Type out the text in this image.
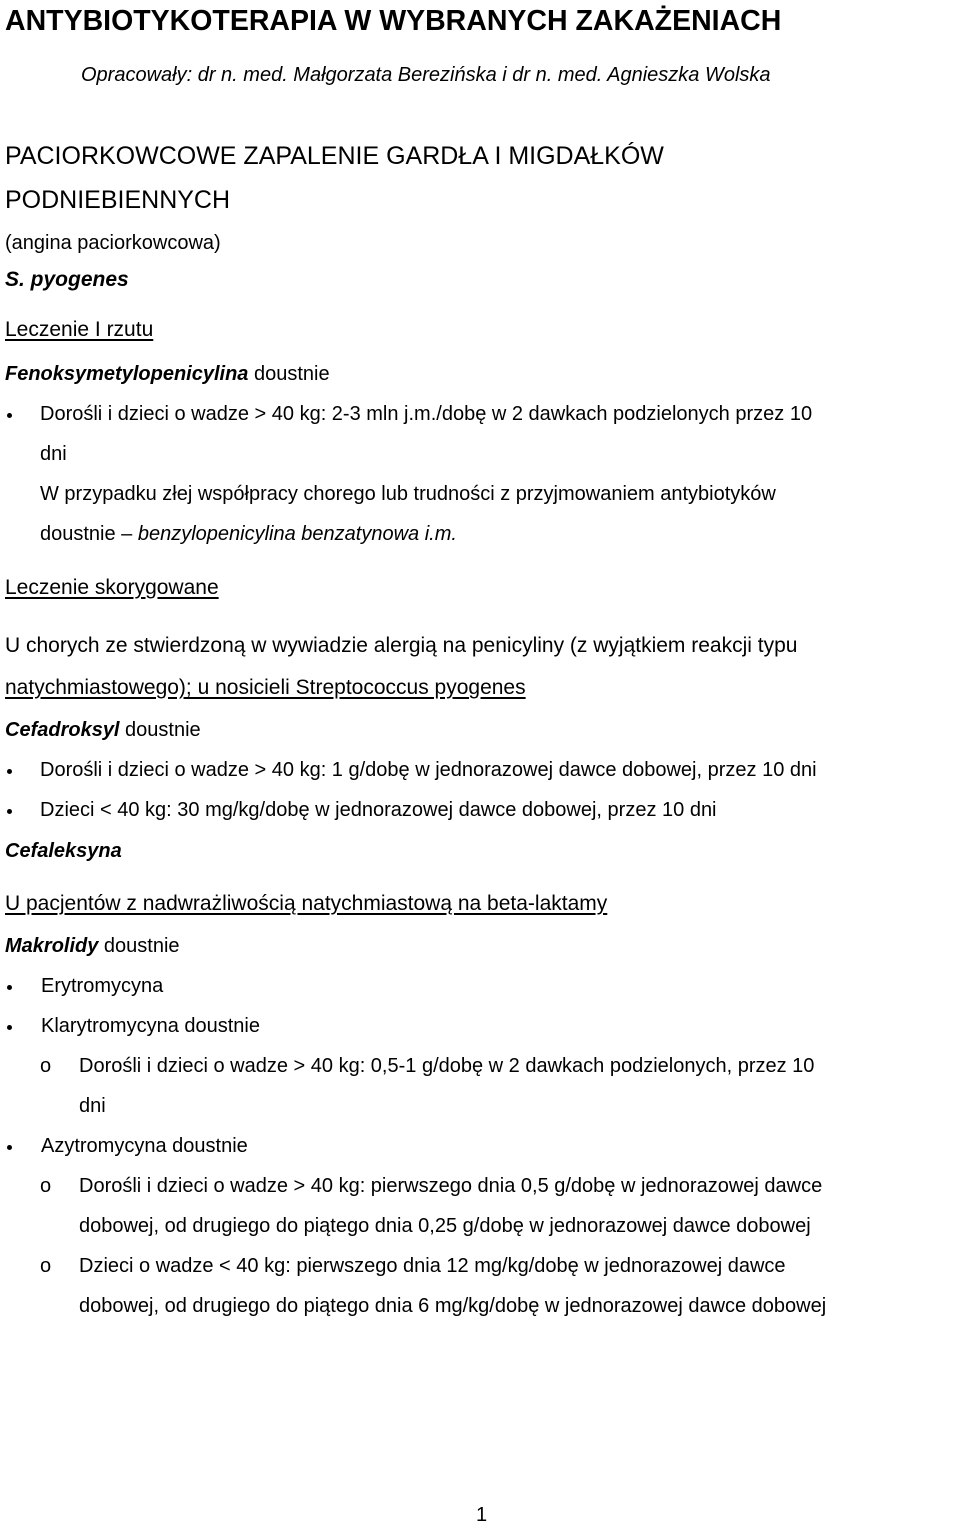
ANTYBIOTYKOTERAPIA W WYBRANYCH ZAKAŻENIACH
Opracowały: dr n. med. Małgorzata Berezińska i dr n. med. Agnieszka Wolska
PACIORKOWCOWE ZAPALENIE GARDŁA I MIGDAŁKÓW
PODNIEBIENNYCH
(angina paciorkowcowa)
S. pyogenes
Leczenie I rzutu
Fenoksymetylopenicylina doustnie
Dorośli i dzieci o wadze > 40 kg: 2-3 mln j.m./dobę w 2 dawkach podzielonych przez 10
dni
W przypadku złej współpracy chorego lub trudności z przyjmowaniem antybiotyków
doustnie – benzylopenicylina benzatynowa i.m.
Leczenie skorygowane
U chorych ze stwierdzoną w wywiadzie alergią na penicyliny (z wyjątkiem reakcji typu
natychmiastowego); u nosicieli Streptococcus pyogenes
Cefadroksyl doustnie
Dorośli i dzieci o wadze > 40 kg: 1 g/dobę w jednorazowej dawce dobowej, przez 10 dni
Dzieci < 40 kg: 30 mg/kg/dobę w jednorazowej dawce dobowej, przez 10 dni
Cefaleksyna
U pacjentów z nadwrażliwością natychmiastową na beta-laktamy
Makrolidy doustnie
Erytromycyna
Klarytromycyna doustnie
o Dorośli i dzieci o wadze > 40 kg: 0,5-1 g/dobę w 2 dawkach podzielonych, przez 10
dni
Azytromycyna doustnie
o Dorośli i dzieci o wadze > 40 kg: pierwszego dnia 0,5 g/dobę w jednorazowej dawce
dobowej, od drugiego do piątego dnia 0,25 g/dobę w jednorazowej dawce dobowej
o Dzieci o wadze < 40 kg: pierwszego dnia 12 mg/kg/dobę w jednorazowej dawce
dobowej, od drugiego do piątego dnia 6 mg/kg/dobę w jednorazowej dawce dobowej
1
